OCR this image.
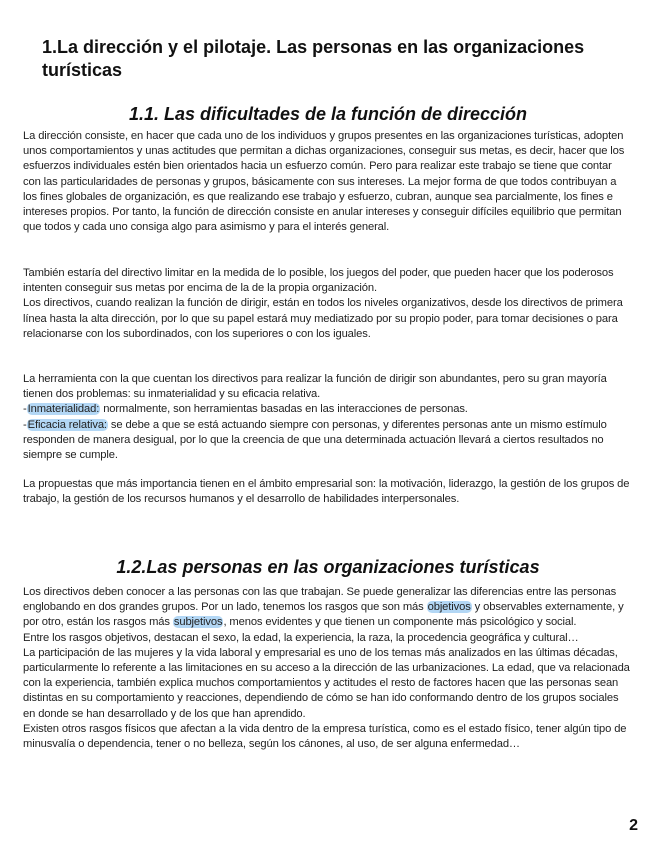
1.La dirección y el pilotaje. Las personas en las organizaciones turísticas
1.1. Las dificultades de la función de dirección

La dirección consiste, en hacer que cada uno de los individuos y grupos presentes en las organizaciones turísticas, adopten unos comportamientos y unas actitudes que permitan a dichas organizaciones, conseguir sus metas, es decir, hacer que los esfuerzos individuales estén bien orientados hacia un esfuerzo común. Pero para realizar este trabajo se tiene que contar con las particularidades de personas y grupos, básicamente con sus intereses. La mejor forma de que todos contribuyan a los fines globales de organización, es que realizando ese trabajo y esfuerzo, cubran, aunque sea parcialmente, los fines e intereses propios. Por tanto, la función de dirección consiste en anular intereses y conseguir difíciles equilibrio que permitan que todos y cada uno consiga algo para asimismo y para el interés general.

También estaría del directivo limitar en la medida de lo posible, los juegos del poder, que pueden hacer que los poderosos intenten conseguir sus metas por encima de la de la propia organización.

Los directivos, cuando realizan la función de dirigir, están en todos los niveles organizativos, desde los directivos de primera línea hasta la alta dirección, por lo que su papel estará muy mediatizado por su propio poder, para tomar decisiones o para relacionarse con los subordinados, con los superiores o con los iguales.

La herramienta con la que cuentan los directivos para realizar la función de dirigir son abundantes, pero su gran mayoría tienen dos problemas: su inmaterialidad y su eficacia relativa.

-Inmaterialidad: normalmente, son herramientas basadas en las interacciones de personas.

-Eficacia relativa: se debe a que se está actuando siempre con personas, y diferentes personas ante un mismo estímulo responden de manera desigual, por lo que la creencia de que una determinada actuación llevará a ciertos resultados no siempre se cumple.

La propuestas que más importancia tienen en el ámbito empresarial son: la motivación, liderazgo, la gestión de los grupos de trabajo, la gestión de los recursos humanos y el desarrollo de habilidades interpersonales.

1.2.Las personas en las organizaciones turísticas

Los directivos deben conocer a las personas con las que trabajan. Se puede generalizar las diferencias entre las personas englobando en dos grandes grupos. Por un lado, tenemos los rasgos que son más objetivos y observables externamente, y por otro, están los rasgos más subjetivos, menos evidentes y que tienen un componente más psicológico y social.

Entre los rasgos objetivos, destacan el sexo, la edad, la experiencia, la raza, la procedencia geográfica y cultural…

La participación de las mujeres y la vida laboral y empresarial es uno de los temas más analizados en las últimas décadas, particularmente lo referente a las limitaciones en su acceso a la dirección de las urbanizaciones. La edad, que va relacionada con la experiencia, también explica muchos comportamientos y actitudes el resto de factores hacen que las personas sean distintas en su comportamiento y reacciones, dependiendo de cómo se han ido conformando dentro de los grupos sociales en donde se han desarrollado y de los que han aprendido.

Existen otros rasgos físicos que afectan a la vida dentro de la empresa turística, como es el estado físico, tener algún tipo de minusvalía o dependencia, tener o no belleza, según los cánones, al uso, de ser alguna enfermedad…

2
